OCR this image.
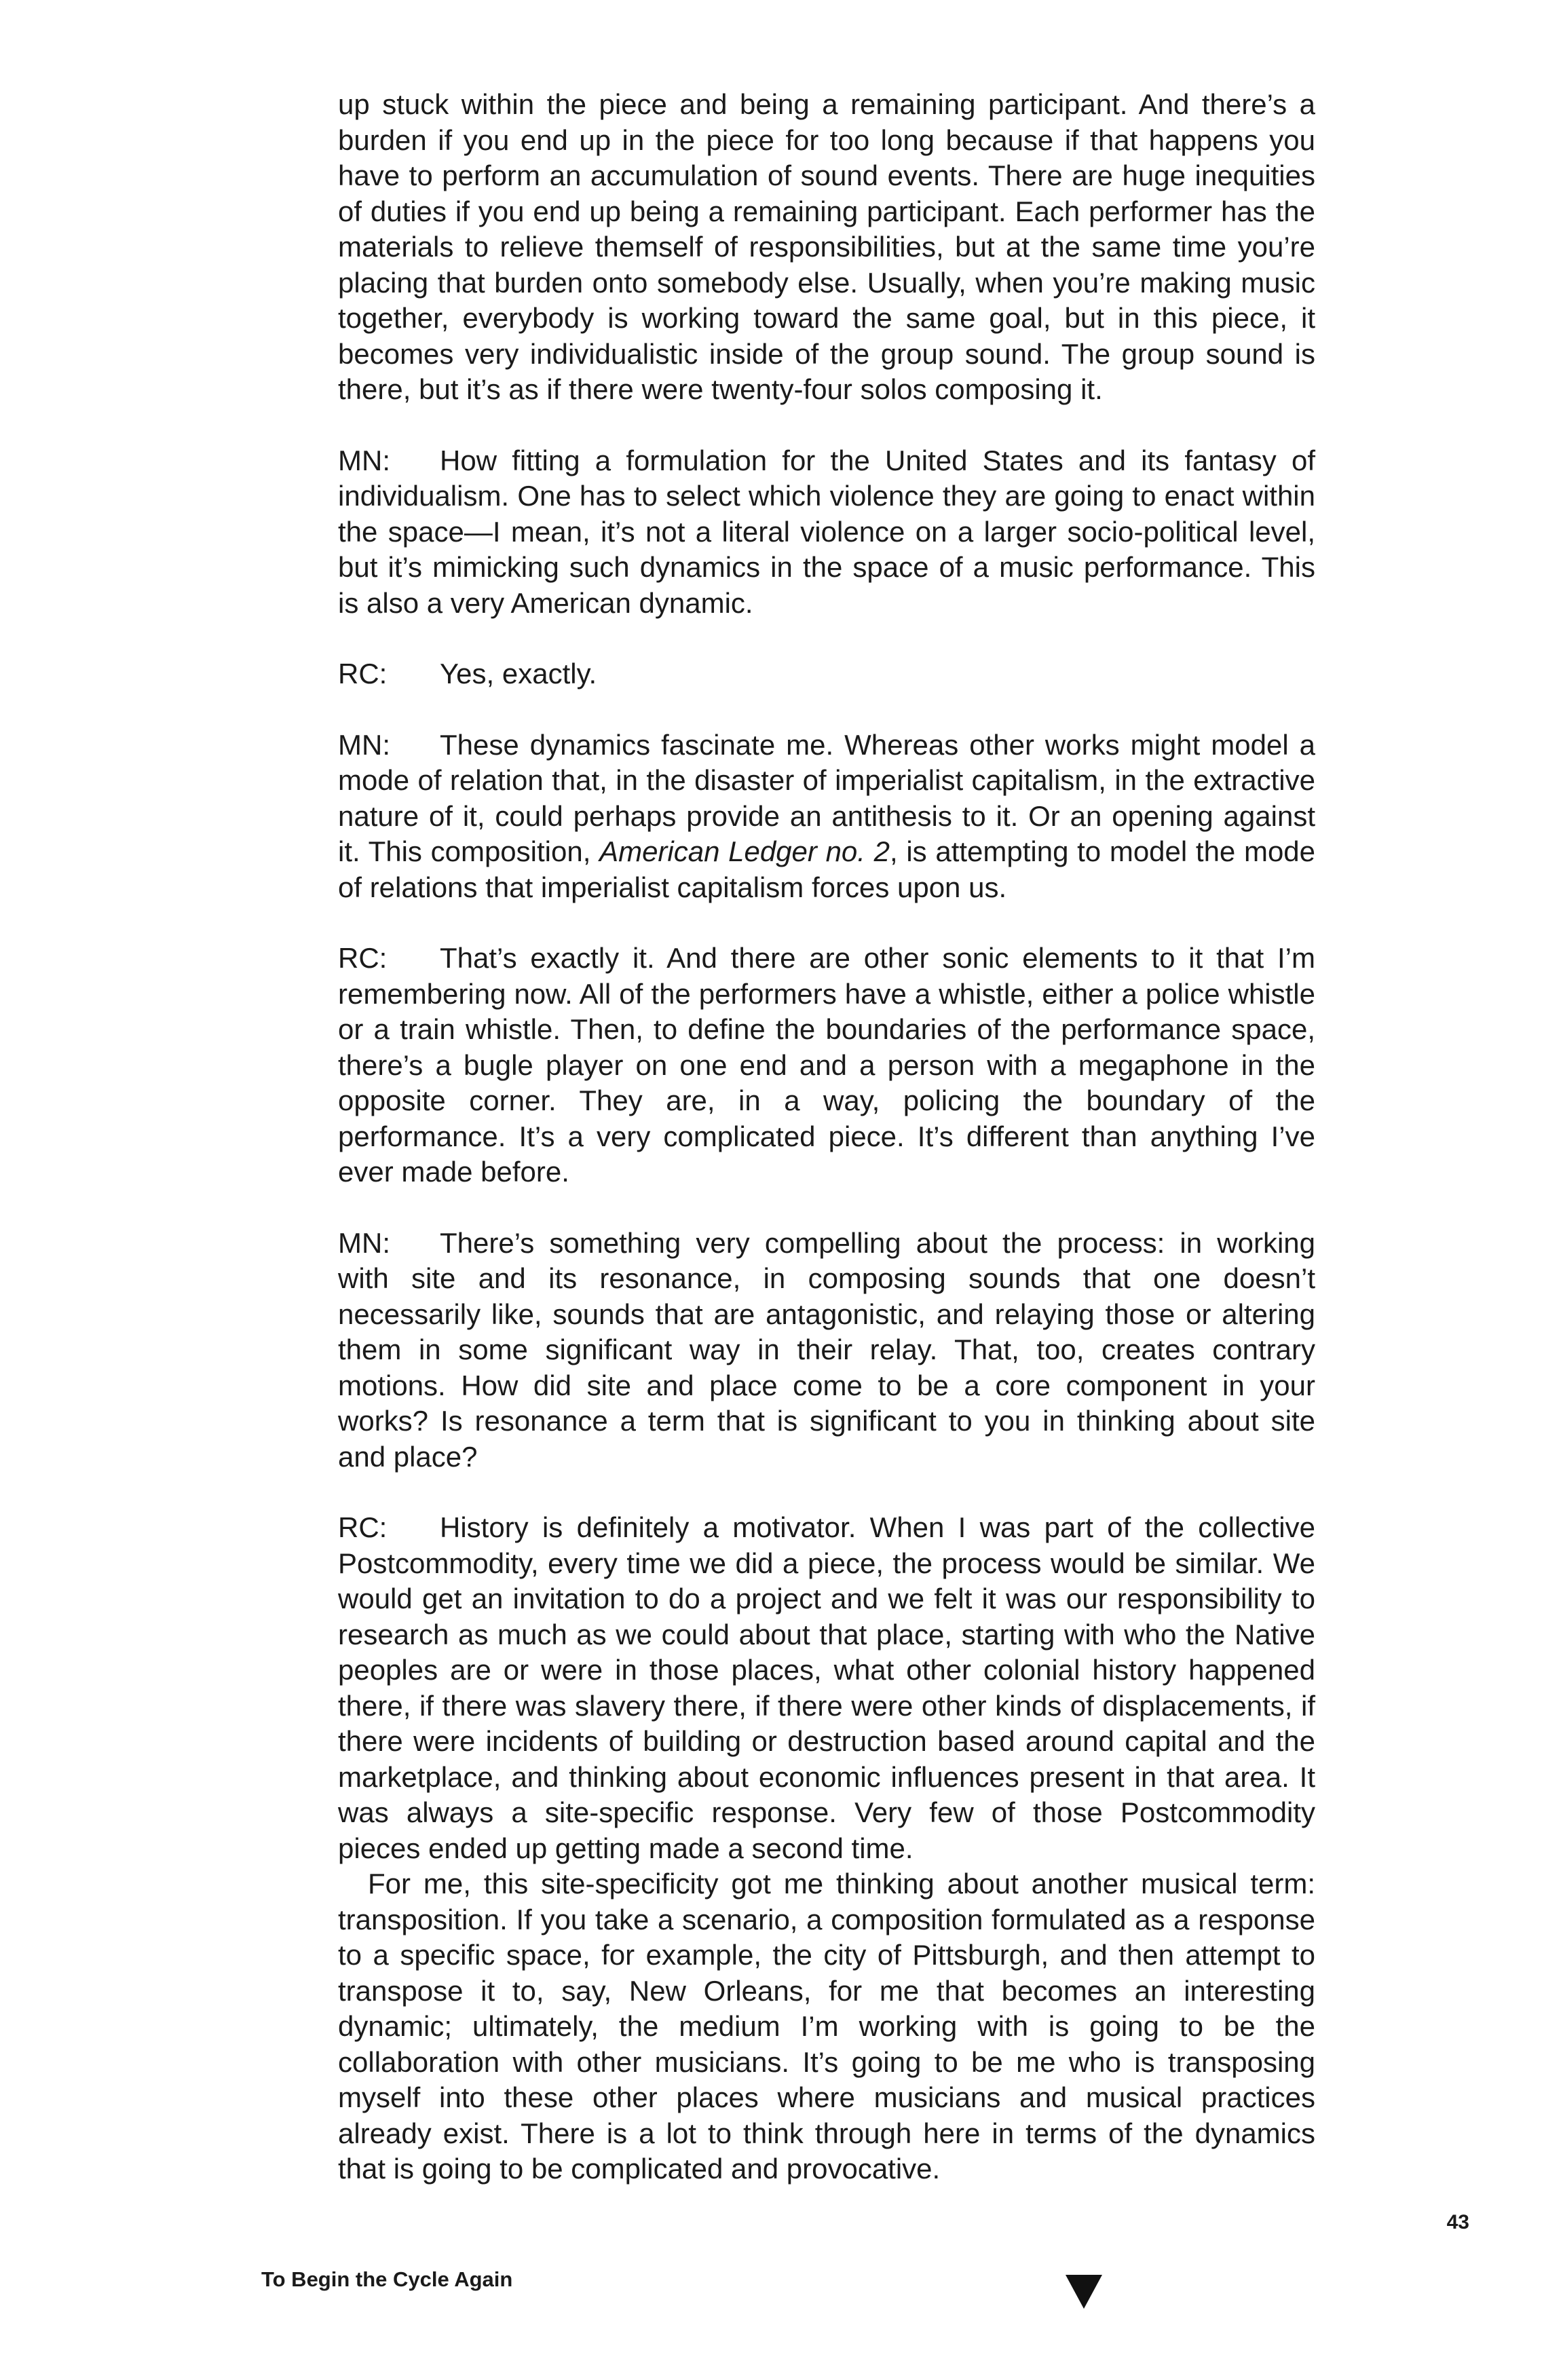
up stuck within the piece and being a remaining participant. And there’s a burden if you end up in the piece for too long because if that happens you have to perform an accumulation of sound events. There are huge inequities of duties if you end up being a remaining participant. Each performer has the materials to relieve themself of responsibilities, but at the same time you’re placing that burden onto somebody else. Usually, when you’re making music together, everybody is working toward the same goal, but in this piece, it becomes very individualistic inside of the group sound. The group sound is there, but it’s as if there were twenty-four solos composing it.

MN: How fitting a formulation for the United States and its fantasy of individualism. One has to select which violence they are going to enact within the space—I mean, it’s not a literal violence on a larger socio-political level, but it’s mimicking such dynamics in the space of a music performance. This is also a very American dynamic.

RC: Yes, exactly.

MN: These dynamics fascinate me. Whereas other works might model a mode of relation that, in the disaster of imperialist capitalism, in the extractive nature of it, could perhaps provide an antithesis to it. Or an opening against it. This composition, American Ledger no. 2, is attempting to model the mode of relations that imperialist capitalism forces upon us.

RC: That’s exactly it. And there are other sonic elements to it that I’m remembering now. All of the performers have a whistle, either a police whistle or a train whistle. Then, to define the boundaries of the performance space, there’s a bugle player on one end and a person with a megaphone in the opposite corner. They are, in a way, policing the boundary of the performance. It’s a very complicated piece. It’s different than anything I’ve ever made before.

MN: There’s something very compelling about the process: in working with site and its resonance, in composing sounds that one doesn’t necessarily like, sounds that are antagonistic, and relaying those or altering them in some significant way in their relay. That, too, creates contrary motions. How did site and place come to be a core component in your works? Is resonance a term that is significant to you in thinking about site and place?

RC: History is definitely a motivator. When I was part of the collective Postcommodity, every time we did a piece, the process would be similar. We would get an invitation to do a project and we felt it was our responsibility to research as much as we could about that place, starting with who the Native peoples are or were in those places, what other colonial history happened there, if there was slavery there, if there were other kinds of displacements, if there were incidents of building or destruction based around capital and the marketplace, and thinking about economic influences present in that area. It was always a site-specific response. Very few of those Postcommodity pieces ended up getting made a second time.

For me, this site-specificity got me thinking about another musical term: transposition. If you take a scenario, a composition formulated as a response to a specific space, for example, the city of Pittsburgh, and then attempt to transpose it to, say, New Orleans, for me that becomes an interesting dynamic; ultimately, the medium I’m working with is going to be the collaboration with other musicians. It’s going to be me who is transposing myself into these other places where musicians and musical practices already exist. There is a lot to think through here in terms of the dynamics that is going to be complicated and provocative.

43
To Begin the Cycle Again
